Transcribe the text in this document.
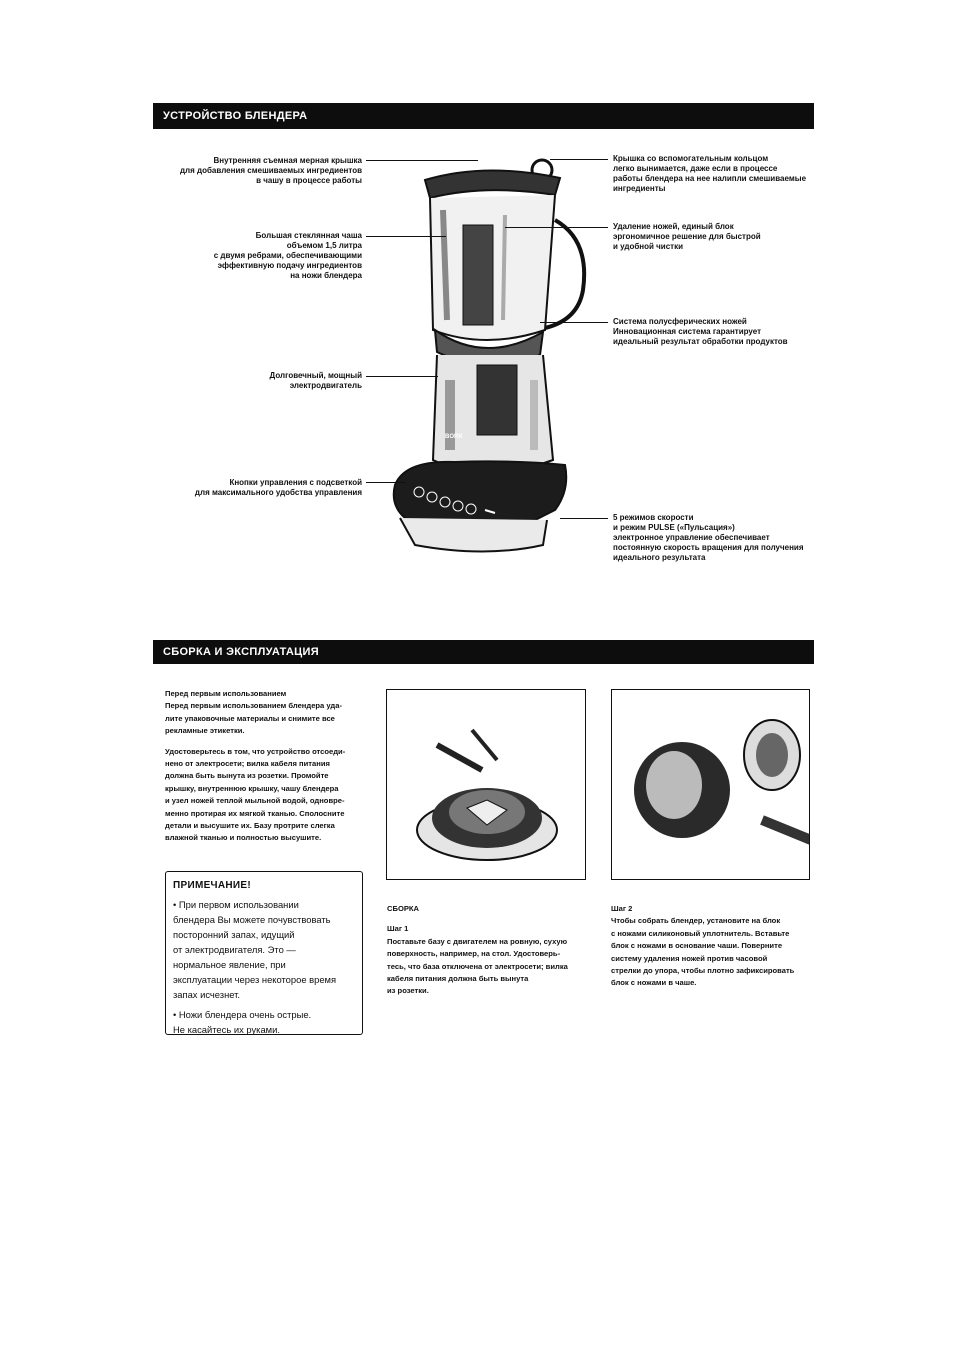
УСТРОЙСТВО БЛЕНДЕРА
BORK
Внутренняя съемная мерная крышка
для добавления смешиваемых ингредиентов
в чашу в процессе работы
Большая стеклянная чаша
объемом 1,5 литра
с двумя ребрами, обеспечивающими
эффективную подачу ингредиентов
на ножи блендера
Долговечный, мощный
электродвигатель
Кнопки управления с подсветкой
для максимального удобства управления
Крышка со вспомогательным кольцом
легко вынимается, даже если в процессе
работы блендера на нее налипли смешиваемые
ингредиенты
Удаление ножей, единый блок
эргономичное решение для быстрой
и удобной чистки
Система полусферических ножей
Инновационная система гарантирует
идеальный результат обработки продуктов
5 режимов скорости
и режим PULSE («Пульсация»)
электронное управление обеспечивает
постоянную скорость вращения для получения
идеального результата
СБОРКА И ЭКСПЛУАТАЦИЯ
Перед первым использованием
Перед первым использованием блендера уда-
лите упаковочные материалы и снимите все
рекламные этикетки.
Удостоверьтесь в том, что устройство отсоеди-
нено от электросети; вилка кабеля питания
должна быть вынута из розетки. Промойте
крышку, внутреннюю крышку, чашу блендера
и узел ножей теплой мыльной водой, одновре-
менно протирая их мягкой тканью. Сполосните
детали и высушите их. Базу протрите слегка
влажной тканью и полностью высушите.
ПРИМЕЧАНИЕ!
• При первом использовании
блендера Вы можете почувствовать
посторонний запах, идущий
от электродвигателя. Это —
нормальное явление, при
эксплуатации через некоторое время
запах исчезнет.
• Ножи блендера очень острые.
Не касайтесь их руками.
СБОРКА
Шаг 1
Поставьте базу с двигателем на ровную, сухую
поверхность, например, на стол. Удостоверь-
тесь, что база отключена от электросети; вилка
кабеля питания должна быть вынута
из розетки.
Шаг 2
Чтобы собрать блендер, установите на блок
с ножами силиконовый уплотнитель. Вставьте
блок с ножами в основание чаши. Поверните
систему удаления ножей против часовой
стрелки до упора, чтобы плотно зафиксировать
блок с ножами в чаше.
